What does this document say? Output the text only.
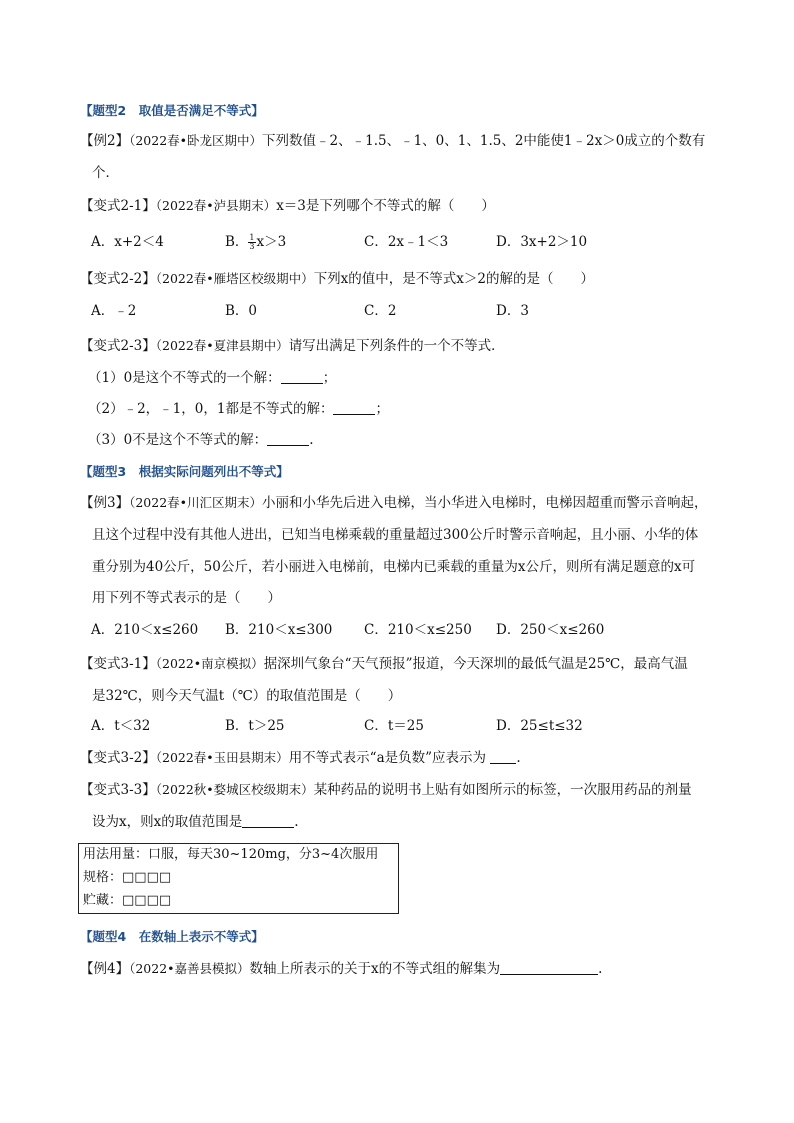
【题型2　取值是否满足不等式】
【例2】（2022春•卧龙区期中）下列数值﹣2、﹣1.5、﹣1、0、1、1.5、2中能使1﹣2x＞0成立的个数有
个．
【变式2-1】（2022春•泸县期末）x＝3是下列哪个不等式的解（　　）
A．x+2＜4	B． $\frac{1}{3} x>3$	C．2x﹣1＜3	D．3x+2＞10
【变式2-2】（2022春•雁塔区校级期中）下列x的值中，是不等式x＞2的解的是（　　）
A．﹣2	B．0	C．2	D．3
【变式2-3】（2022春•夏津县期中）请写出满足下列条件的一个不等式．
（1）0是这个不等式的一个解：	；
（2）﹣2，﹣1，0，1都是不等式的解：	；
（3）0不是这个不等式的解：	.
【题型3　根据实际问题列出不等式】
【例3】（2022春•川汇区期末）小丽和小华先后进入电梯，当小华进入电梯时，电梯因超重而警示音响起，
且这个过程中没有其他人进出，已知当电梯乘载的重量超过300公斤时警示音响起，且小丽、小华的体
重分别为40公斤，50公斤，若小丽进入电梯前，电梯内已乘载的重量为x公斤，则所有满足题意的x可
用下列不等式表示的是（　　）
A．210＜x≤260 B．210＜x≤300 C．210＜x≤250 D．250＜x≤260
【变式3-1】（2022•南京模拟）据深圳气象台“天气预报”报道，今天深圳的最低气温是25℃，最高气温
是32℃，则今天气温t（℃）的取值范围是（　　）
A．t＜32	B．t＞25	C．t＝25	D．25≤t≤32
【变式3-2】（2022春•玉田县期末）用不等式表示“a是负数”应表示为 .
【变式3-3】（2022秋•婺城区校级期末）某种药品的说明书上贴有如图所示的标签，一次服用药品的剂量
设为x，则x的取值范围是	.
用法用量：口服，每天30~120mg，分3~4次服用
规格：□□□□
贮藏：□□□□
【题型4　在数轴上表示不等式】
【例4】（2022•嘉善县模拟）数轴上所表示的关于x的不等式组的解集为	.
